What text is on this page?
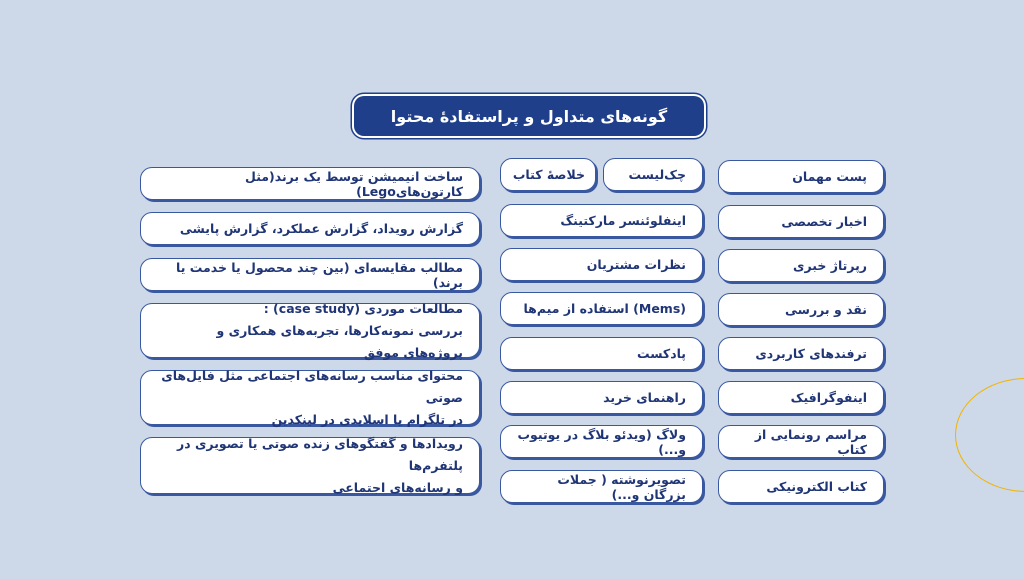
گونه‌های متداول و پراستفادهٔ محتوا
پست مهمان
اخبار تخصصی
رپرتاژ خبری
نقد و بررسی
ترفندهای کاربردی
اینفوگرافیک
مراسم رونمایی از کتاب
کتاب الکترونیکی
چک‌لیست
خلاصهٔ کتاب
اینفلوئنسر مارکتینگ
نظرات مشتریان
(Mems) استفاده از میم‌ها
پادکست
راهنمای خرید
ولاگ (ویدئو بلاگ در یوتیوب و...)
تصویرنوشته ( جملات بزرگان و...)
ساخت انیمیشن توسط یک برند(مثل کارتون‌هایLego)
گزارش رویداد، گزارش عملکرد، گزارش پایشی
مطالب مقایسه‌ای (بین چند محصول یا خدمت یا برند)
مطالعات موردی (case study) :
بررسی نمونه‌کارها، تجربه‌های همکاری و پروژه‌های موفق
محتوای مناسب رسانه‌های اجتماعی مثل فایل‌های صوتی
در تلگرام یا اسلایدی در لینکدین
رویدادها و گفتگوهای زنده صوتی یا تصویری در پلتفرم‌ها
و رسانه‌های اجتماعی
